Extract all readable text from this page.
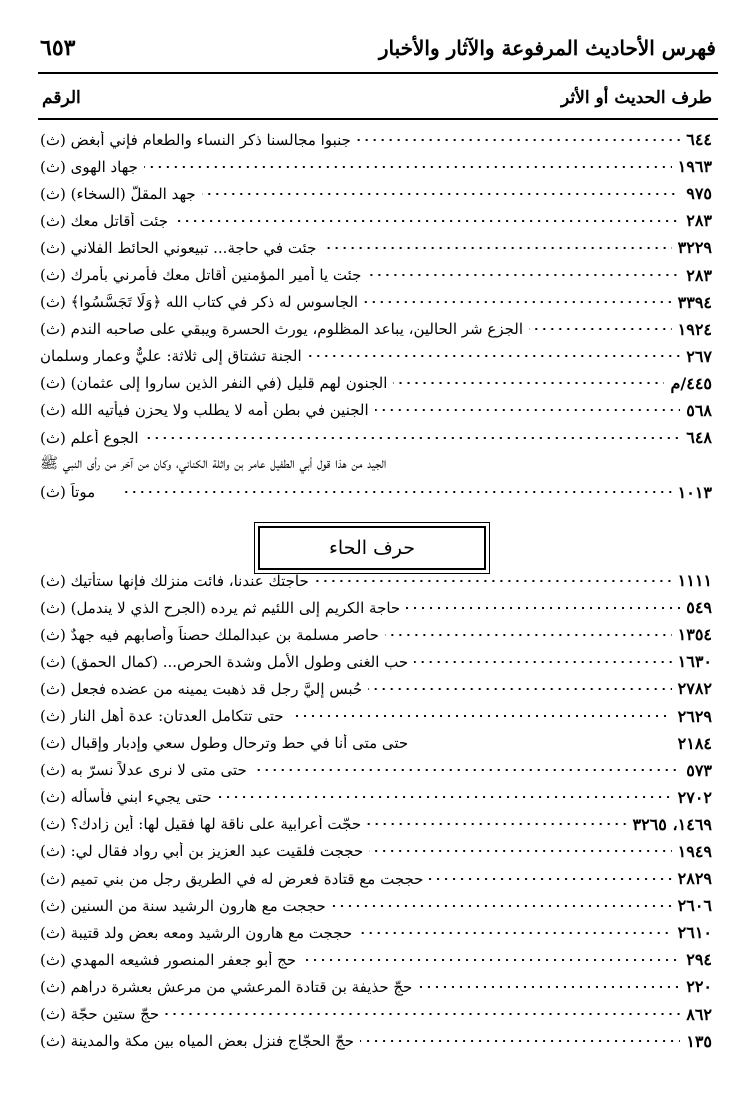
٦٥٣	فهرس الأحاديث المرفوعة والآثار والأخبار
الرقم	طرف الحديث أو الأثر
جنبوا مجالسنا ذكر النساء والطعام فإني أبغض (ث)	٦٤٤
جهاد الهوى (ث)	١٩٦٣
جهد المقلّ (السخاء) (ث)	٩٧٥
جئت أقاتل معك (ث)	٢٨٣
جئت في حاجة... تبيعوني الحائط الفلاني (ث)	٣٢٢٩
جئت يا أمير المؤمنين أقاتل معك فأمرني بأمرك (ث)	٢٨٣
الجاسوس له ذكر في كتاب الله ﴿وَلَا تَجَسَّسُوا﴾ (ث)	٣٣٩٤
الجزع شر الحالين، يباعد المظلوم، يورث الحسرة ويبقي على صاحبه الندم (ث)	١٩٢٤
الجنة تشتاق إلى ثلاثة: عليٌّ وعمار وسلمان	٢٦٧
الجنون لهم قليل (في النفر الذين ساروا إلى عثمان) (ث)	٤٤٥/م
الجنين في بطن أمه لا يطلب ولا يحزن فيأتيه الله (ث)	٥٦٨
الجوع أعلم (ث)	٦٤٨
الجيد من هذا قول أبي الطفيل عامر بن واثلة الكناني، وكان من آخر من رأى النبي ﷺ
موتاً (ث)	١٠١٣
حرف الحاء
حاجتك عندنا، فائت منزلك فإنها ستأتيك (ث)	١١١١
حاجة الكريم إلى اللئيم ثم يرده (الجرح الذي لا يندمل) (ث)	٥٤٩
حاصر مسلمة بن عبدالملك حصناً وأصابهم فيه جهدٌ (ث)	١٣٥٤
حب الغنى وطول الأمل وشدة الحرص... (كمال الحمق) (ث)	١٦٣٠
حُبس إليَّ رجل قد ذهبت يمينه من عضده فجعل (ث)	٢٧٨٢
حتى تتكامل العدتان: عدة أهل النار (ث)	٢٦٢٩
حتى متى أنا في حط وترحال وطول سعي وإدبار وإقبال (ث)	٢١٨٤
حتى متى لا نرى عدلاً نسرّ به (ث)	٥٧٣
حتى يجيء ابني فأسأله (ث)	٢٧٠٢
حجّت أعرابية على ناقة لها فقيل لها: أين زادك؟ (ث)	١٤٦٩، ٣٢٦٥
حججت فلقيت عبد العزيز بن أبي رواد فقال لي: (ث)	١٩٤٩
حججت مع قتادة فعرض له في الطريق رجل من بني تميم (ث)	٢٨٢٩
حججت مع هارون الرشيد سنة من السنين (ث)	٢٦٠٦
حججت مع هارون الرشيد ومعه بعض ولد قتيبة (ث)	٢٦١٠
حج أبو جعفر المنصور فشيعه المهدي (ث)	٢٩٤
حجّ حذيفة بن قتادة المرعشي من مرعش بعشرة دراهم (ث)	٢٢٠
حجّ ستين حجّة (ث)	٨٦٢
حجّ الحجّاج فنزل بعض المياه بين مكة والمدينة (ث)	١٣٥
